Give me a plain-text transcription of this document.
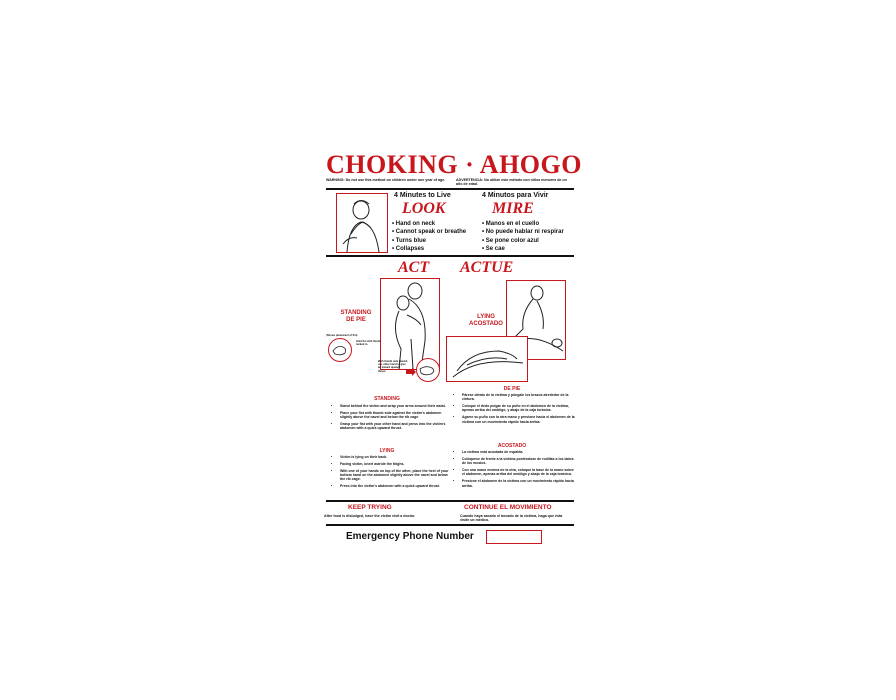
CHOKING · AHOGO
WARNING: Do not use this method on children under one year of age.	ADVERTENCIA: No utilize este método con niños menores de un año de edad.
4 Minutes to Live
LOOK
• Hand on neck
• Cannot speak or breathe
• Turns blue
• Collapses
4 Minutos para Vivir
MIRE
• Manos en el cuello
• No puede hablar ni respirar
• Se pone color azul
• Se cae
ACT ACTUE
STANDING
DE PIE
(Shows placement of fist)
Hold fist with thumb tucked in.
With thumb side inward, use other hand to give an inward upward thrust.
LYING
ACOSTADO
STANDING
• Stand behind the victim and wrap your arms around their waist.
• Place your fist with thumb side against the victim's abdomen slightly above the navel and below the rib cage.
• Grasp your fist with your other hand and press into the victim's abdomen with a quick upward thrust.
LYING
• Victim is lying on their back.
• Facing victim, kneel astride the thighs.
• With one of your hands on top of the other, place the heel of your bottom hand on the abdomen slightly above the navel and below the rib cage.
• Press into the victim's abdomen with a quick upward thrust.
DE PIE
• Párese detrás de la víctima y póngale los brazos alrededor de la cintura.
• Coloque el dedo pulgar de su puño en el abdomen de la víctima, apenas arriba del ombligo, y abajo de la caja toráxica.
• Agarre su puño con la otra mano y presione hacia el abdomen de la víctima con un movimiento rápido hacia arriba.
ACOSTADO
• La víctima está acostada de espalda.
• Colóquese de frente a la víctima poniéndose de rodillas a los lados de los muslos.
• Con una mano encima de la otra, coloque la base de la mano sobre el abdomen, apenas arriba del ombligo y abajo de la caja toráxica.
• Presione el abdomen de la víctima con un movimiento rápido hacia arriba.
KEEP TRYING
After food is dislodged, have the victim visit a doctor.
CONTINUE EL MOVIMIENTO
Cuando haya sacado el bocado de la víctima, haga que ésta visite un médico.
Emergency Phone Number
